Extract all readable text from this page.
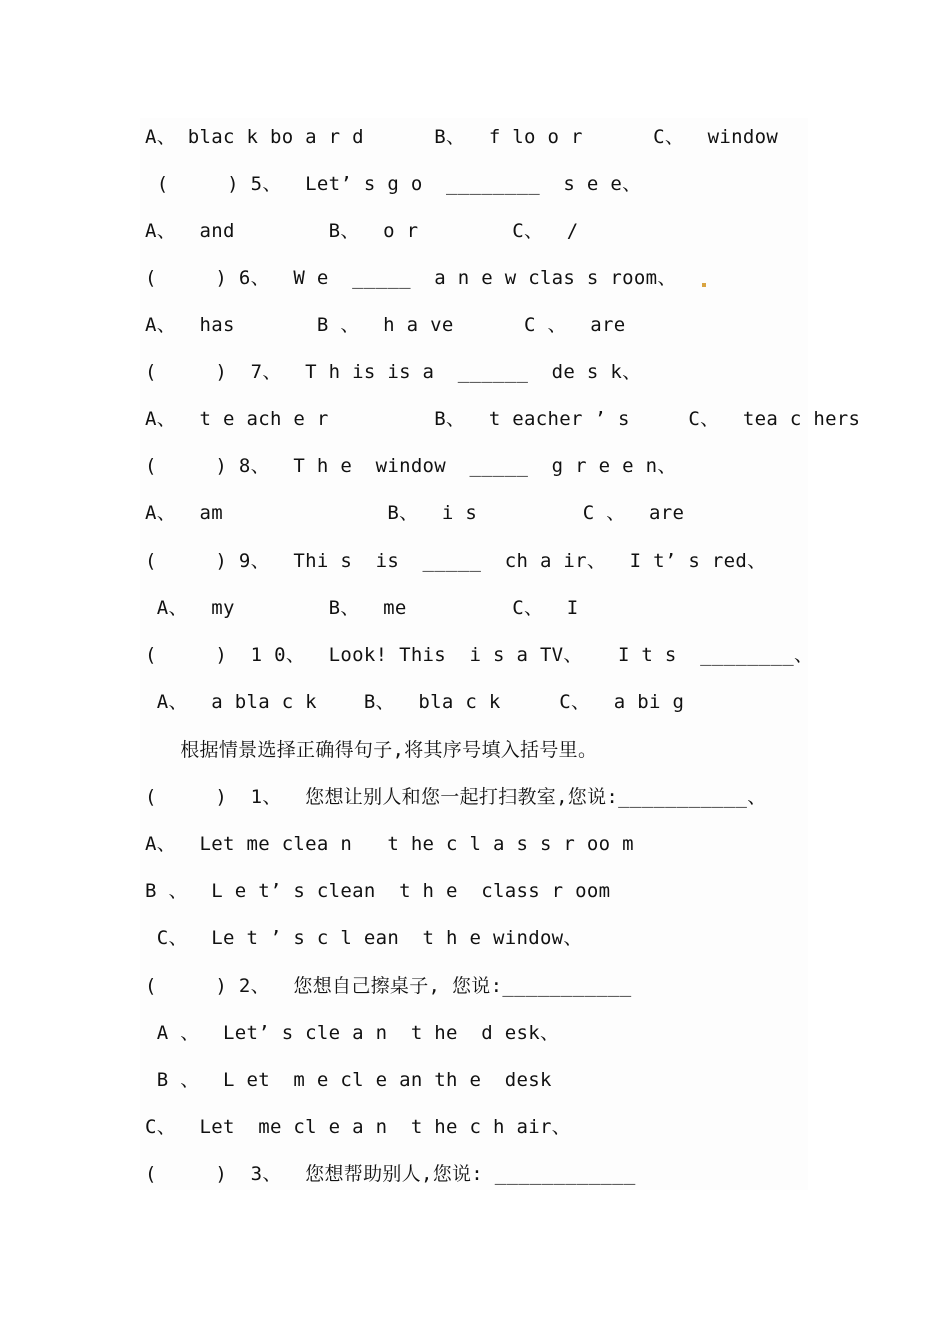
A、 blac k bo a r d      B、  f lo o r      C、  window
(     ) 5、  Let’ s g o  ________  s e e、
A、  and        B、  o r        C、  /
(     ) 6、  W e  _____  a n e w clas s room、
A、  has       B 、  h a ve      C 、  are
(     )  7、  T h is is a  ______  de s k、
A、  t e ach e r         B、  t eacher ’ s     C、  tea c hers
(     ) 8、  T h e  window  _____  g r e e n、
A、  am              B、  i s         C 、  are
(     ) 9、  Thi s  is  _____  ch a ir、  I t’ s red、
A、  my        B、  me         C、  I
(     )  1 0、  Look! This  i s a TV、   I t s  ________、
A、  a bla c k    B、  bla c k     C、  a bi g
根据情景选择正确得句子,将其序号填入括号里。
(     )  1、  您想让别人和您一起打扫教室,您说:___________、
A、  Let me clea n   t he c l a s s r oo m
B 、  L e t’ s clean  t h e  class r oom
C、  Le t ’ s c l ean  t h e window、
(     ) 2、  您想自己擦桌子, 您说:___________
A 、  Let’ s cle a n  t he  d esk、
B 、  L et  m e cl e an th e  desk
C、  Let  me cl e a n  t he c h air、
(     )  3、  您想帮助别人,您说: ____________
